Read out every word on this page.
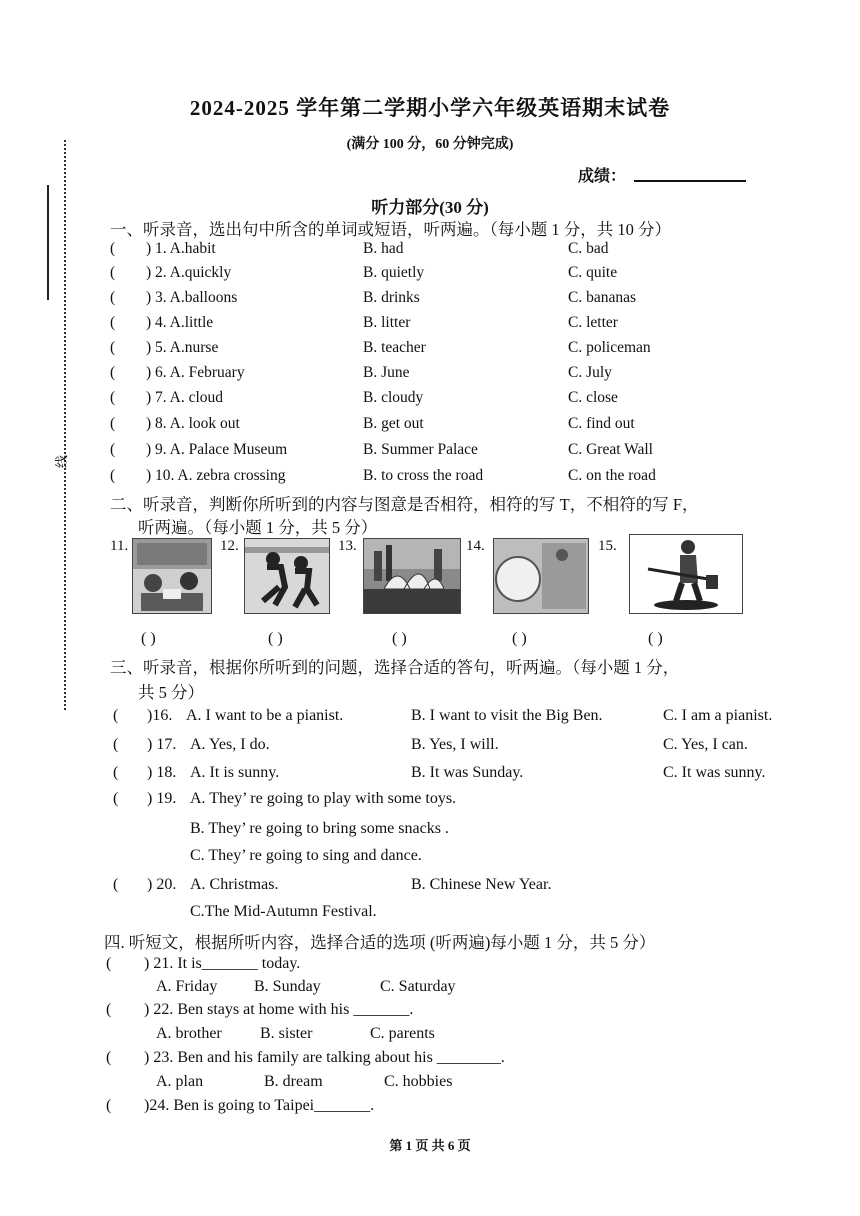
线
2024-2025 学年第二学期小学六年级英语期末试卷
(满分 100 分，60 分钟完成)
成绩：
听力部分(30 分)
一、听录音，选出句中所含的单词或短语，听两遍。（每小题 1 分，共 10 分）
( ) 1. A.habit	B. had	C. bad
( ) 2. A.quickly	B. quietly	C. quite
( ) 3. A.balloons	B. drinks	C. bananas
( ) 4. A.little	B. litter	C. letter
( ) 5. A.nurse	B. teacher	C. policeman
( ) 6. A. February	B. June	C. July
( ) 7. A. cloud	B. cloudy	C. close
( ) 8. A. look out	B. get out	C. find out
( ) 9. A. Palace Museum	B. Summer Palace	C. Great Wall
( ) 10. A. zebra crossing	B. to cross the road	C. on the road
二、听录音，判断你所听到的内容与图意是否相符，相符的写 T，不相符的写 F，
听两遍。（每小题 1 分，共 5 分）
11.	12.	13.	14.	15.
( )	( )	( )	( )	( )
三、听录音，根据你所听到的问题，选择合适的答句，听两遍。（每小题 1 分，
共 5 分）
( )16. A. I want to be a pianist.	B. I want to visit the Big Ben.	C. I am a pianist.
( ) 17. A. Yes, I do.	B. Yes, I will.	C. Yes, I can.
( ) 18. A. It is sunny.	B. It was Sunday.	C. It was sunny.
( ) 19. A. They’ re going to play with some toys.
B. They’ re going to bring some snacks .
C. They’ re going to sing and dance.
( ) 20. A. Christmas.	B. Chinese New Year.
C.The Mid-Autumn Festival.
四. 听短文，根据所听内容，选择合适的选项 (听两遍)每小题 1 分，共 5 分）
( ) 21. It is_______ today.
A. Friday B. Sunday	C. Saturday
( ) 22. Ben stays at home with his _______.
A. brother B. sister	C. parents
( ) 23. Ben and his family are talking about his ________.
A. plan	B. dream	C. hobbies
( )24. Ben is going to Taipei_______.
第 1 页 共 6 页
